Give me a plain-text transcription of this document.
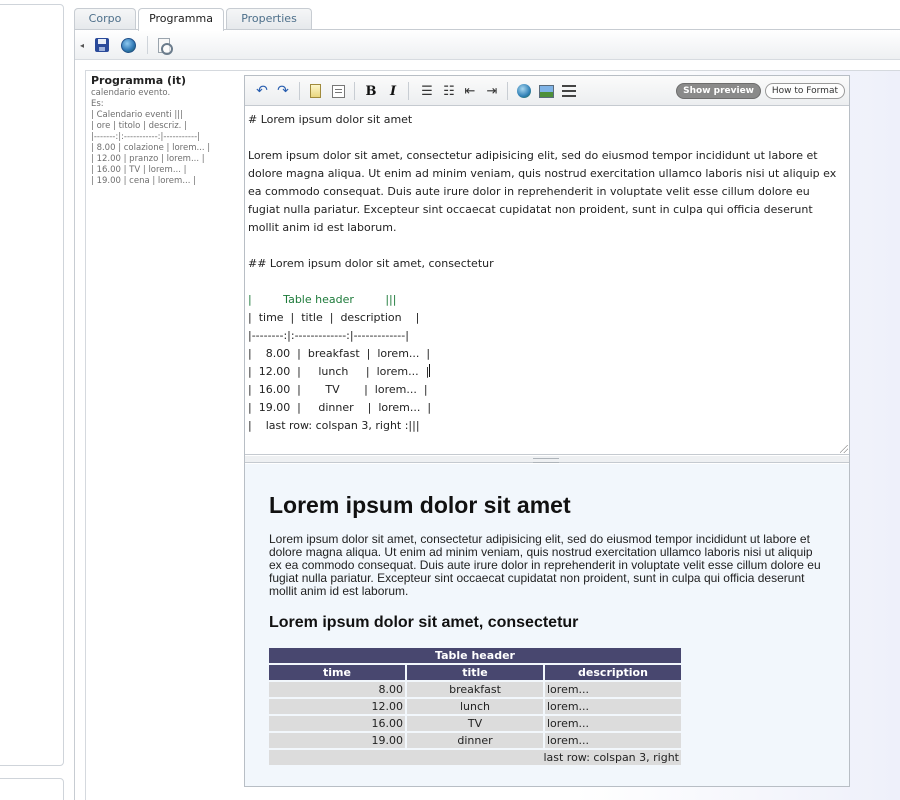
Corpo	Programma	Properties
◂
Programma (it)
calendario evento.
Es:
| Calendario eventi |||
| ore | titolo | descriz. |
|-------:|:-----------:|-----------|
| 8.00 | colazione | lorem... |
| 12.00 | pranzo | lorem... |
| 16.00 | TV | lorem... |
| 19.00 | cena | lorem... |
↶ ↷	B I ☰ ☷ ⇤ ⇥	Show preview	How to Format
# Lorem ipsum dolor sit amet
Lorem ipsum dolor sit amet, consectetur adipisicing elit, sed do eiusmod tempor incididunt ut labore et dolore magna aliqua. Ut enim ad minim veniam, quis nostrud exercitation ullamco laboris nisi ut aliquip ex ea commodo consequat. Duis aute irure dolor in reprehenderit in voluptate velit esse cillum dolore eu fugiat nulla pariatur. Excepteur sint occaecat cupidatat non proident, sunt in culpa qui officia deserunt mollit anim id est laborum.
## Lorem ipsum dolor sit amet, consectetur
|         Table header         |||
|  time  |  title  |  description    |
|--------:|:-------------:|-------------|
|    8.00  |  breakfast  |  lorem...  |
|  12.00  |     lunch     |  lorem...  |
|  16.00  |       TV       |  lorem...  |
|  19.00  |     dinner    |  lorem...  |
|    last row: colspan 3, right :|||
Lorem ipsum dolor sit amet
Lorem ipsum dolor sit amet, consectetur adipisicing elit, sed do eiusmod tempor incididunt ut labore et dolore magna aliqua. Ut enim ad minim veniam, quis nostrud exercitation ullamco laboris nisi ut aliquip ex ea commodo consequat. Duis aute irure dolor in reprehenderit in voluptate velit esse cillum dolore eu fugiat nulla pariatur. Excepteur sint occaecat cupidatat non proident, sunt in culpa qui officia deserunt mollit anim id est laborum.
Lorem ipsum dolor sit amet, consectetur
Table header		
time	title	description
8.00	breakfast	lorem...
12.00	lunch	lorem...
16.00	TV	lorem...
19.00	dinner	lorem...
last row: colspan 3, right		
